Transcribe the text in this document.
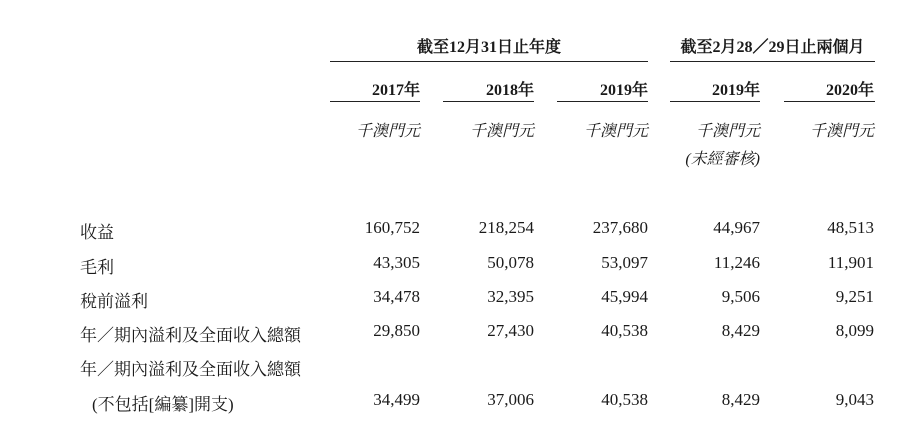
截至12月31日止年度	截至2月28／29日止兩個月
2017年	2018年	2019年	2019年	2020年
千澳門元	千澳門元	千澳門元	千澳門元	千澳門元
(未經審核)
收益	160,752	218,254	237,680	44,967	48,513
毛利	43,305	50,078	53,097	11,246	11,901
稅前溢利	34,478	32,395	45,994	9,506	9,251
年／期內溢利及全面收入總額	29,850	27,430	40,538	8,429	8,099
年／期內溢利及全面收入總額
(不包括[編纂]開支)	34,499	37,006	40,538	8,429	9,043
